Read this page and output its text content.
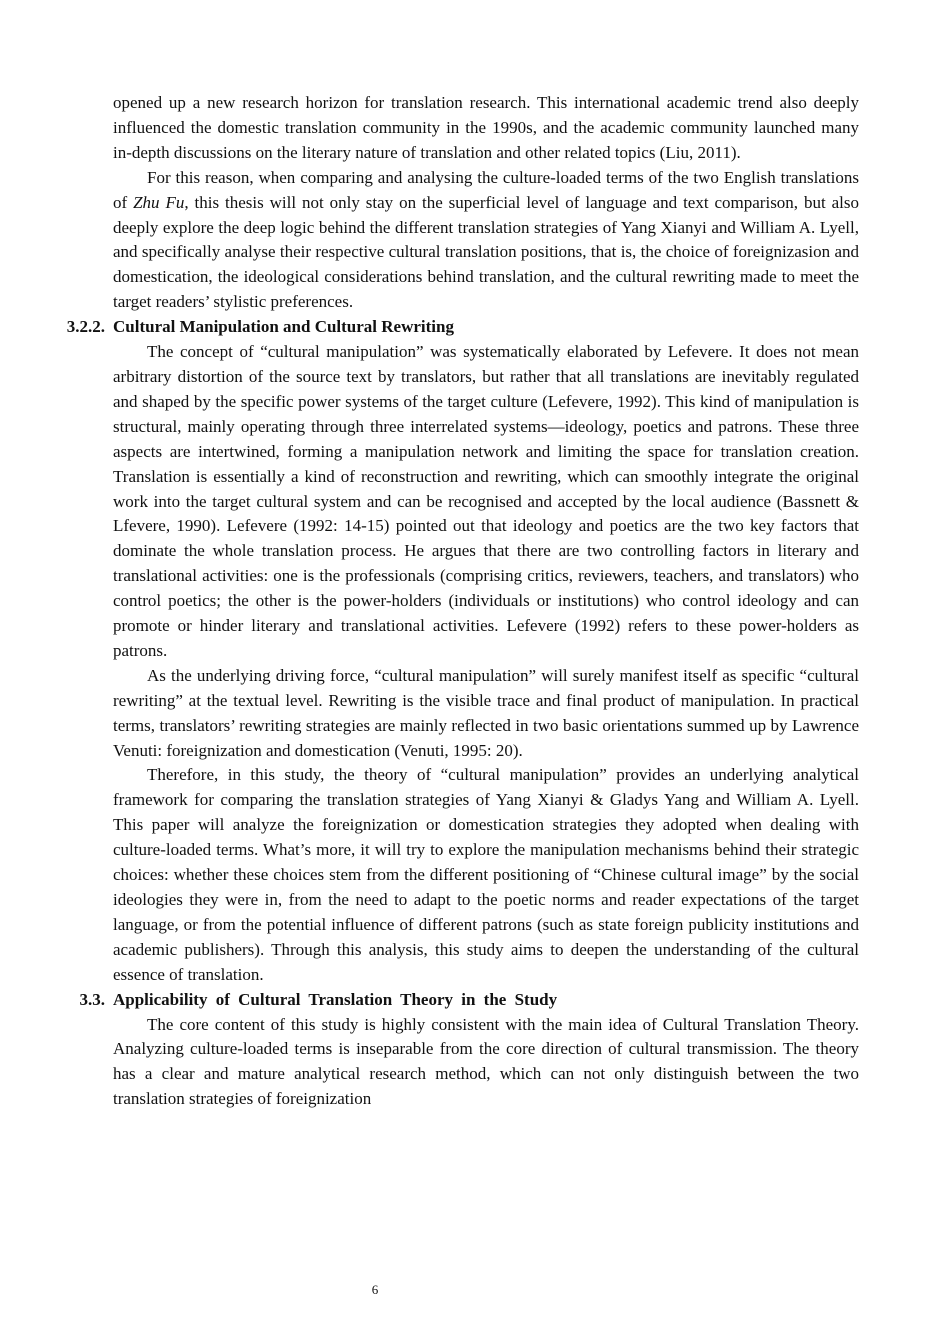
opened up a new research horizon for translation research. This international academic trend also deeply influenced the domestic translation community in the 1990s, and the academic community launched many in-depth discussions on the literary nature of translation and other related topics (Liu, 2011).

For this reason, when comparing and analysing the culture-loaded terms of the two English translations of Zhu Fu, this thesis will not only stay on the superficial level of language and text comparison, but also deeply explore the deep logic behind the different translation strategies of Yang Xianyi and William A. Lyell, and specifically analyse their respective cultural translation positions, that is, the choice of foreignizasion and domestication, the ideological considerations behind translation, and the cultural rewriting made to meet the target readers’ stylistic preferences.

3.2.2. Cultural Manipulation and Cultural Rewriting

The concept of “cultural manipulation” was systematically elaborated by Lefevere. It does not mean arbitrary distortion of the source text by translators, but rather that all translations are inevitably regulated and shaped by the specific power systems of the target culture (Lefevere, 1992). This kind of manipulation is structural, mainly operating through three interrelated systems—ideology, poetics and patrons. These three aspects are intertwined, forming a manipulation network and limiting the space for translation creation. Translation is essentially a kind of reconstruction and rewriting, which can smoothly integrate the original work into the target cultural system and can be recognised and accepted by the local audience (Bassnett & Lfevere, 1990). Lefevere (1992: 14-15) pointed out that ideology and poetics are the two key factors that dominate the whole translation process. He argues that there are two controlling factors in literary and translational activities: one is the professionals (comprising critics, reviewers, teachers, and translators) who control poetics; the other is the power-holders (individuals or institutions) who control ideology and can promote or hinder literary and translational activities. Lefevere (1992) refers to these power-holders as patrons.

As the underlying driving force, “cultural manipulation” will surely manifest itself as specific “cultural rewriting” at the textual level. Rewriting is the visible trace and final product of manipulation. In practical terms, translators’ rewriting strategies are mainly reflected in two basic orientations summed up by Lawrence Venuti: foreignization and domestication (Venuti, 1995: 20).

Therefore, in this study, the theory of “cultural manipulation” provides an underlying analytical framework for comparing the translation strategies of Yang Xianyi & Gladys Yang and William A. Lyell. This paper will analyze the foreignization or domestication strategies they adopted when dealing with culture-loaded terms. What’s more, it will try to explore the manipulation mechanisms behind their strategic choices: whether these choices stem from the different positioning of “Chinese cultural image” by the social ideologies they were in, from the need to adapt to the poetic norms and reader expectations of the target language, or from the potential influence of different patrons (such as state foreign publicity institutions and academic publishers). Through this analysis, this study aims to deepen the understanding of the cultural essence of translation.

3.3. Applicability of Cultural Translation Theory in the Study

The core content of this study is highly consistent with the main idea of Cultural Translation Theory. Analyzing culture-loaded terms is inseparable from the core direction of cultural transmission. The theory has a clear and mature analytical research method, which can not only distinguish between the two translation strategies of foreignization

6
